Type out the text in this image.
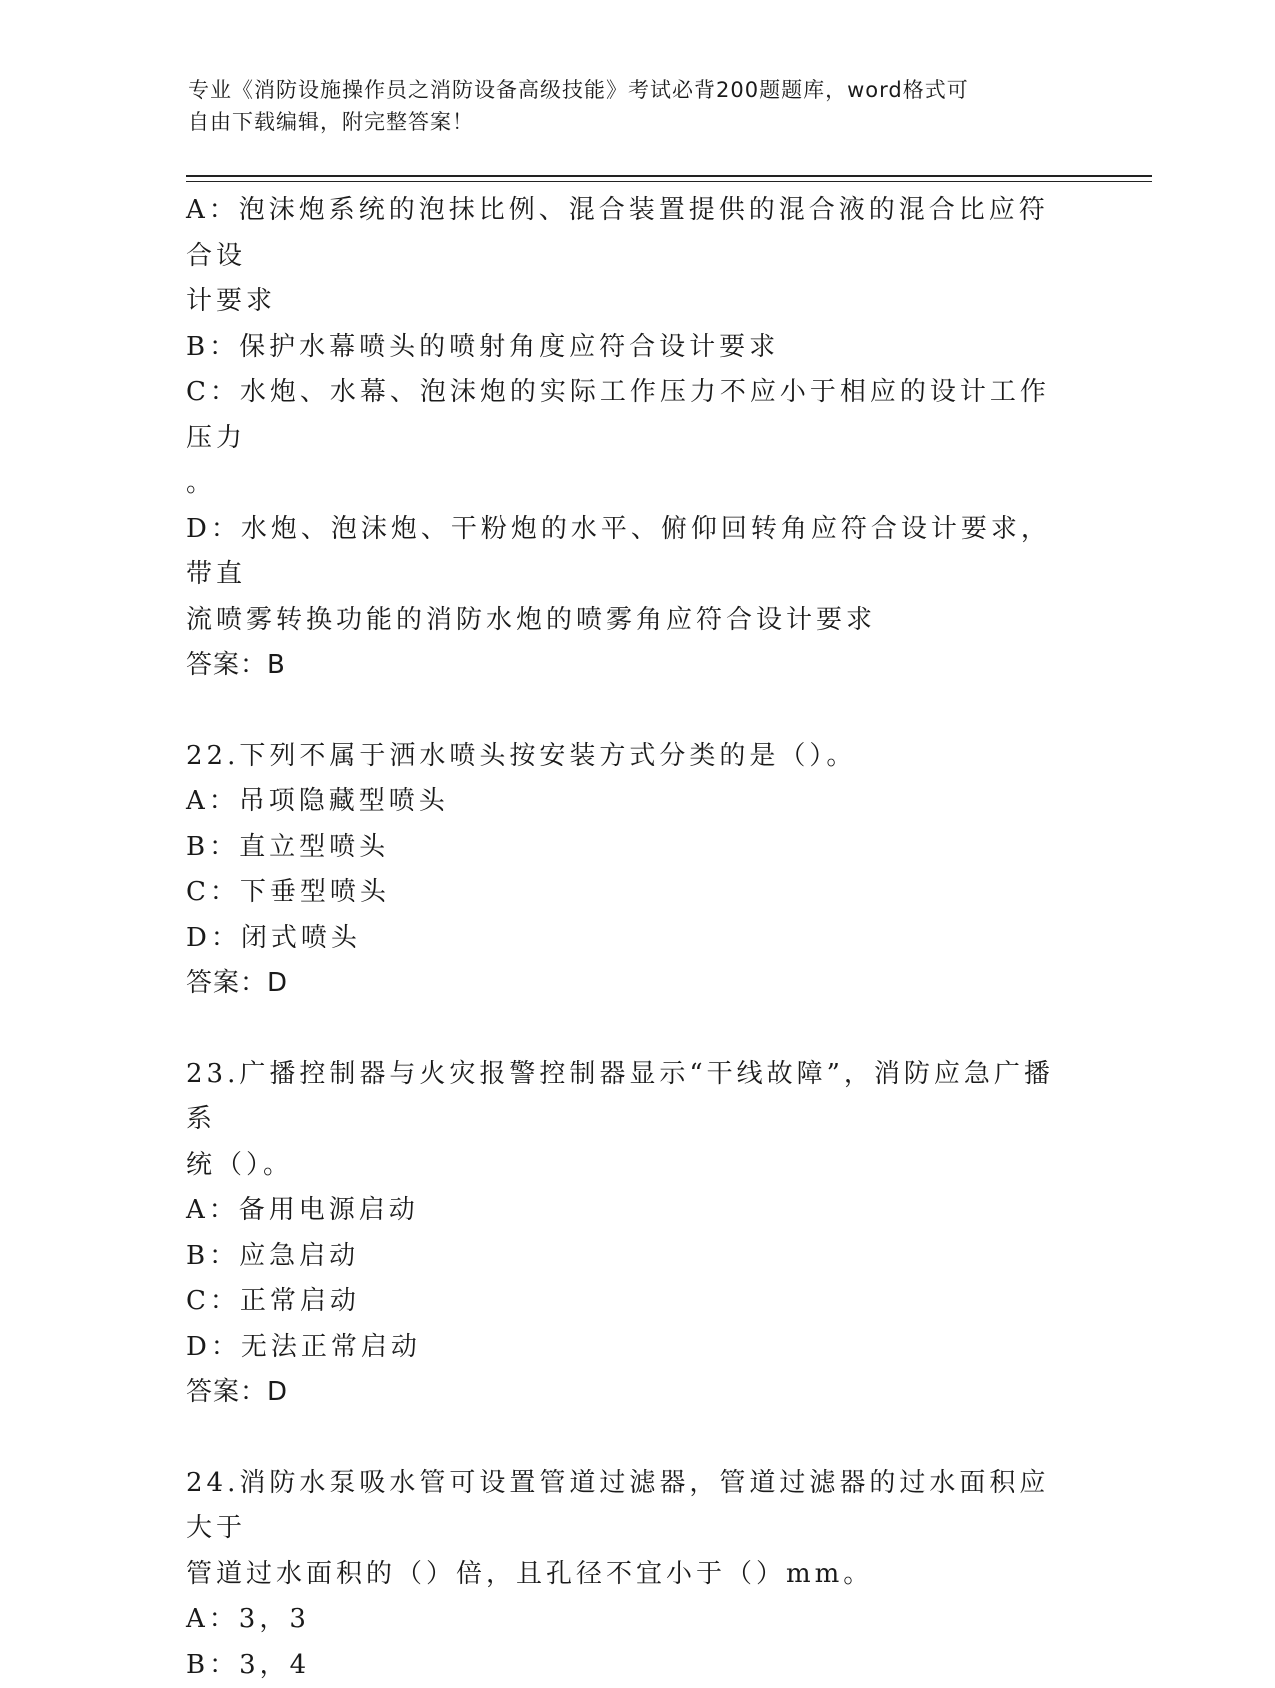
专业《消防设施操作员之消防设备高级技能》考试必背200题题库，word格式可
自由下载编辑，附完整答案！
A：泡沫炮系统的泡抹比例、混合装置提供的混合液的混合比应符合设
计要求
B：保护水幕喷头的喷射角度应符合设计要求
C：水炮、水幕、泡沫炮的实际工作压力不应小于相应的设计工作压力
。
D：水炮、泡沫炮、干粉炮的水平、俯仰回转角应符合设计要求，带直
流喷雾转换功能的消防水炮的喷雾角应符合设计要求
答案：B
22.下列不属于洒水喷头按安装方式分类的是（）。
A：吊项隐藏型喷头
B：直立型喷头
C：下垂型喷头
D：闭式喷头
答案：D
23.广播控制器与火灾报警控制器显示“干线故障”，消防应急广播系
统（）。
A：备用电源启动
B：应急启动
C：正常启动
D：无法正常启动
答案：D
24.消防水泵吸水管可设置管道过滤器，管道过滤器的过水面积应大于
管道过水面积的（）倍，且孔径不宜小于（）mm。
A：3，3
B：3，4
